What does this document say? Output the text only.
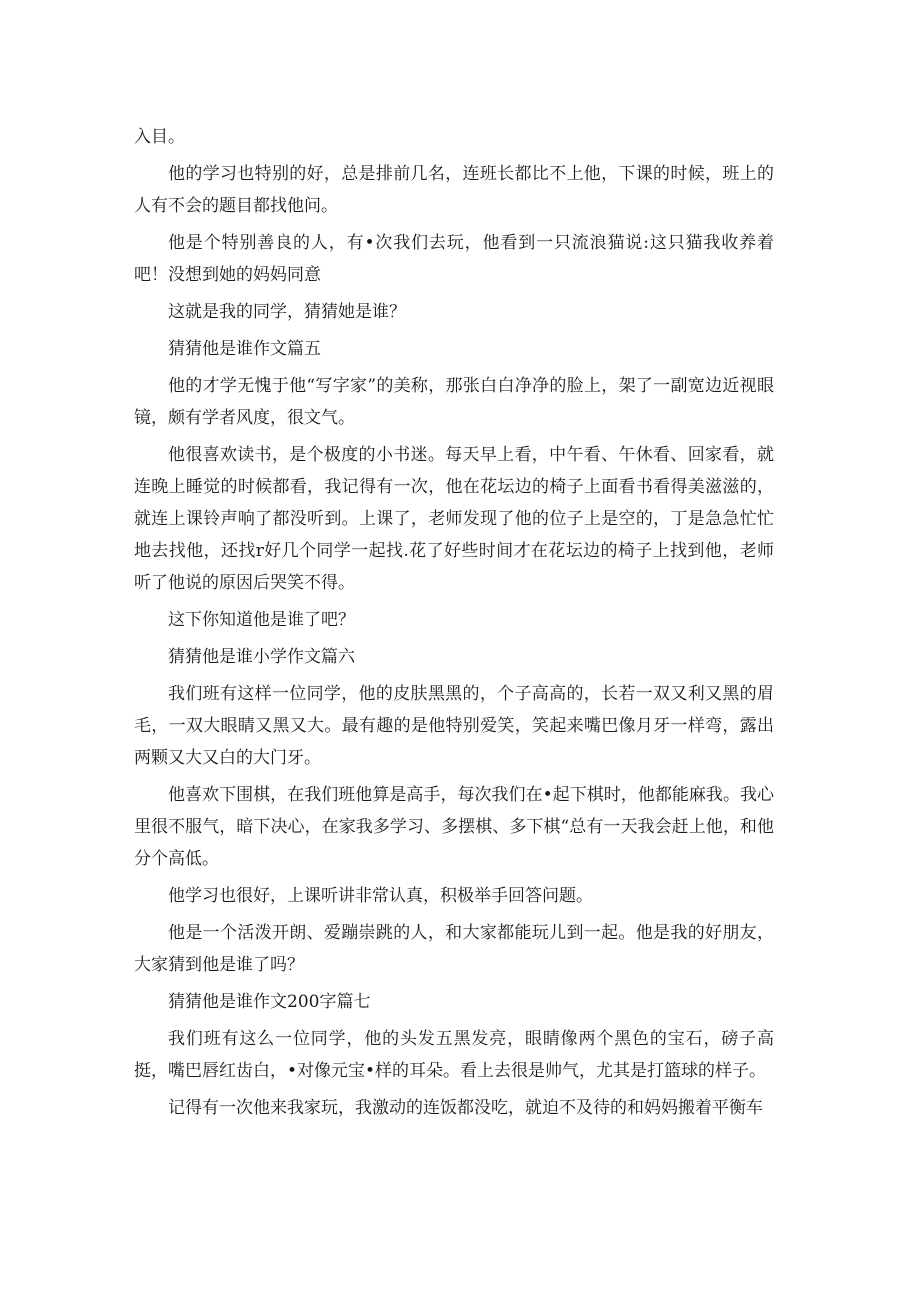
入目。

他的学习也特别的好，总是排前几名，连班长都比不上他，下课的时候，班上的人有不会的题目都找他问。

他是个特别善良的人，有•次我们去玩，他看到一只流浪猫说:这只猫我收养着吧！没想到她的妈妈同意

这就是我的同学，猜猜她是谁？

猜猜他是谁作文篇五

他的才学无愧于他“写字家”的美称，那张白白净净的脸上，架了一副宽边近视眼镜，颇有学者风度，很文气。

他很喜欢读书，是个极度的小书迷。每天早上看，中午看、午休看、回家看，就连晚上睡觉的时候都看，我记得有一次，他在花坛边的椅子上面看书看得美滋滋的，就连上课铃声响了都没听到。上课了，老师发现了他的位子上是空的，丁是急急忙忙地去找他，还找r好几个同学一起找.花了好些时间才在花坛边的椅子上找到他，老师听了他说的原因后哭笑不得。

这下你知道他是谁了吧？

猜猜他是谁小学作文篇六

我们班有这样一位同学，他的皮肤黑黑的，个子高高的，长若一双又利又黑的眉毛，一双大眼睛又黑又大。最有趣的是他特别爱笑，笑起来嘴巴像月牙一样弯，露出两颗又大又白的大门牙。

他喜欢下围棋，在我们班他算是高手，每次我们在•起下棋时，他都能麻我。我心里很不服气，暗下决心，在家我多学习、多摆棋、多下棋“总有一天我会赶上他，和他分个高低。

他学习也很好，上课听讲非常认真，积极举手回答问题。

他是一个活泼开朗、爱蹦崇跳的人，和大家都能玩儿到一起。他是我的好朋友，大家猜到他是谁了吗？

猜猜他是谁作文200字篇七

我们班有这么一位同学，他的头发五黑发亮，眼睛像两个黑色的宝石，磅子高挺，嘴巴唇红齿白，•对像元宝•样的耳朵。看上去很是帅气，尤其是打篮球的样子。

记得有一次他来我家玩，我激动的连饭都没吃，就迫不及待的和妈妈搬着平衡车
